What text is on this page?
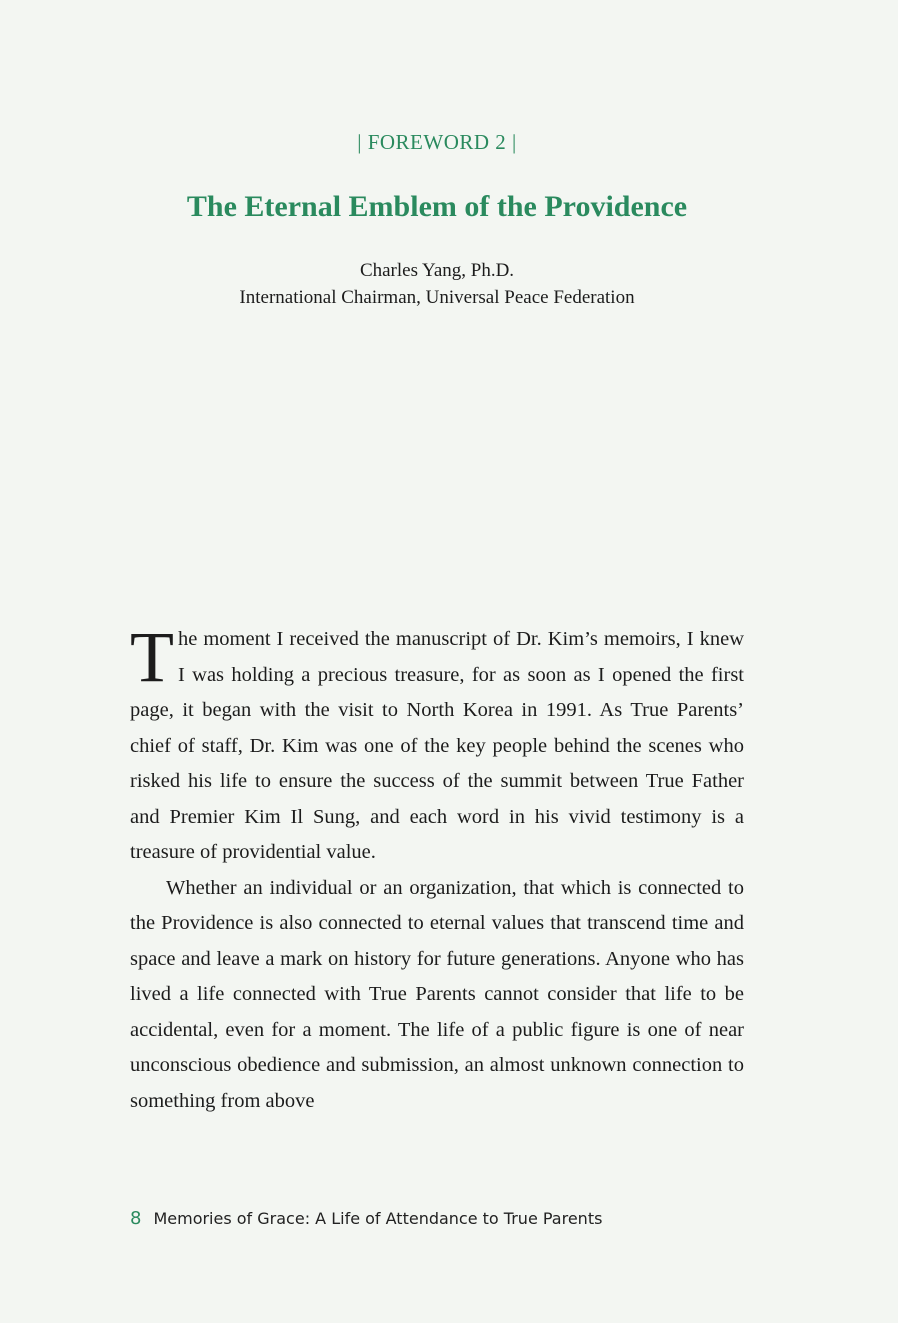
| FOREWORD 2 |
The Eternal Emblem of the Providence
Charles Yang, Ph.D.
International Chairman, Universal Peace Federation

The moment I received the manuscript of Dr. Kim’s memoirs, I knew I was holding a precious treasure, for as soon as I opened the first page, it began with the visit to North Korea in 1991. As True Parents’ chief of staff, Dr. Kim was one of the key people behind the scenes who risked his life to ensure the success of the summit between True Father and Premier Kim Il Sung, and each word in his vivid testimony is a treasure of providential value.

Whether an individual or an organization, that which is connected to the Providence is also connected to eternal values that transcend time and space and leave a mark on history for future generations. Anyone who has lived a life connected with True Parents cannot consider that life to be accidental, even for a moment. The life of a public figure is one of near unconscious obedience and submission, an almost unknown connection to something from above

8 Memories of Grace: A Life of Attendance to True Parents
